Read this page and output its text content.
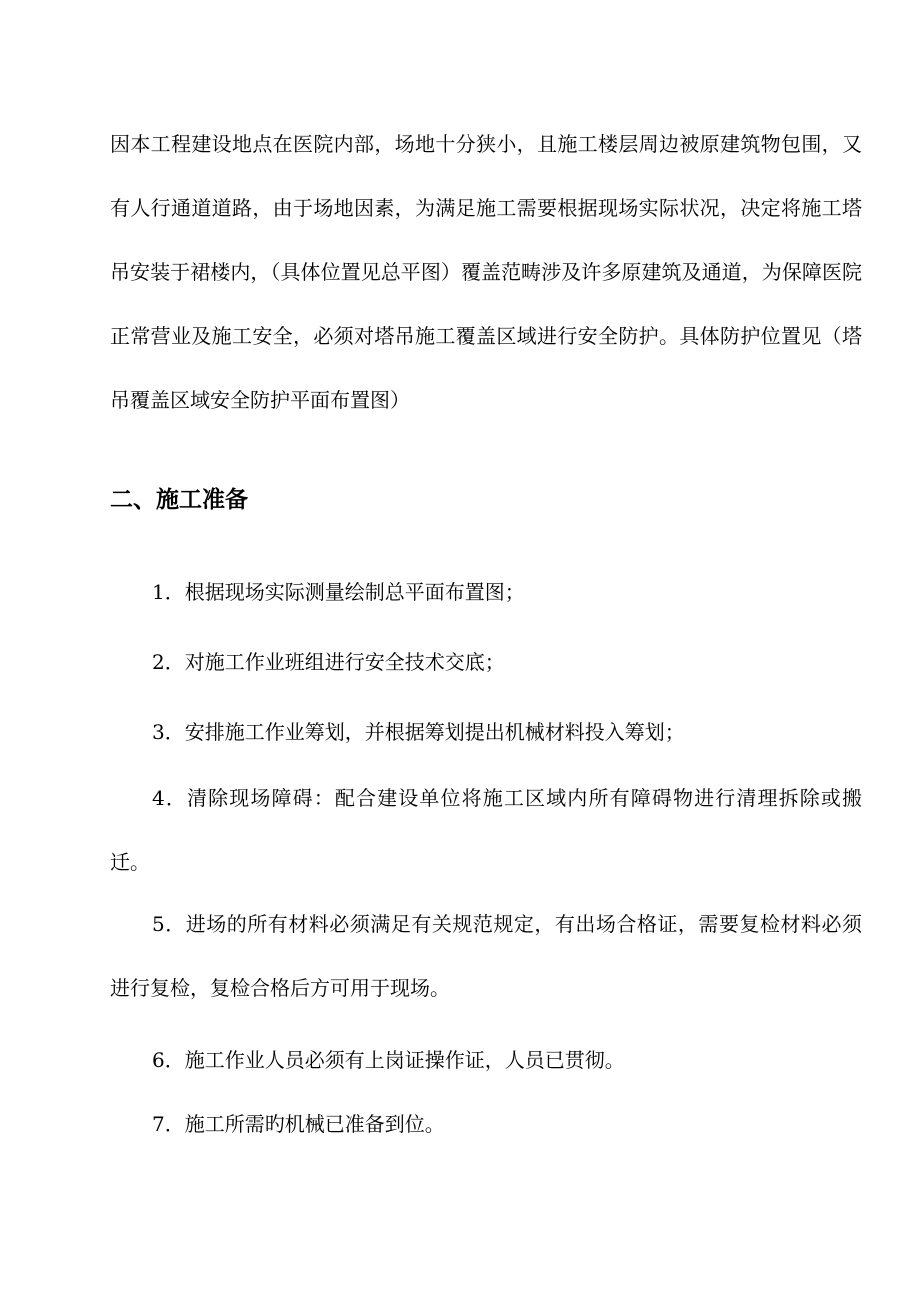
因本工程建设地点在医院内部，场地十分狭小，且施工楼层周边被原建筑物包围，又有人行通道道路，由于场地因素，为满足施工需要根据现场实际状况，决定将施工塔吊安装于裙楼内，（具体位置见总平图）覆盖范畴涉及许多原建筑及通道，为保障医院正常营业及施工安全，必须对塔吊施工覆盖区域进行安全防护。具体防护位置见（塔吊覆盖区域安全防护平面布置图）

二、施工准备

1．根据现场实际测量绘制总平面布置图；

2．对施工作业班组进行安全技术交底；

3．安排施工作业筹划，并根据筹划提出机械材料投入筹划；

4．清除现场障碍：配合建设单位将施工区域内所有障碍物进行清理拆除或搬迁。

5．进场的所有材料必须满足有关规范规定，有出场合格证，需要复检材料必须进行复检，复检合格后方可用于现场。

6．施工作业人员必须有上岗证操作证，人员已贯彻。

7．施工所需旳机械已准备到位。
